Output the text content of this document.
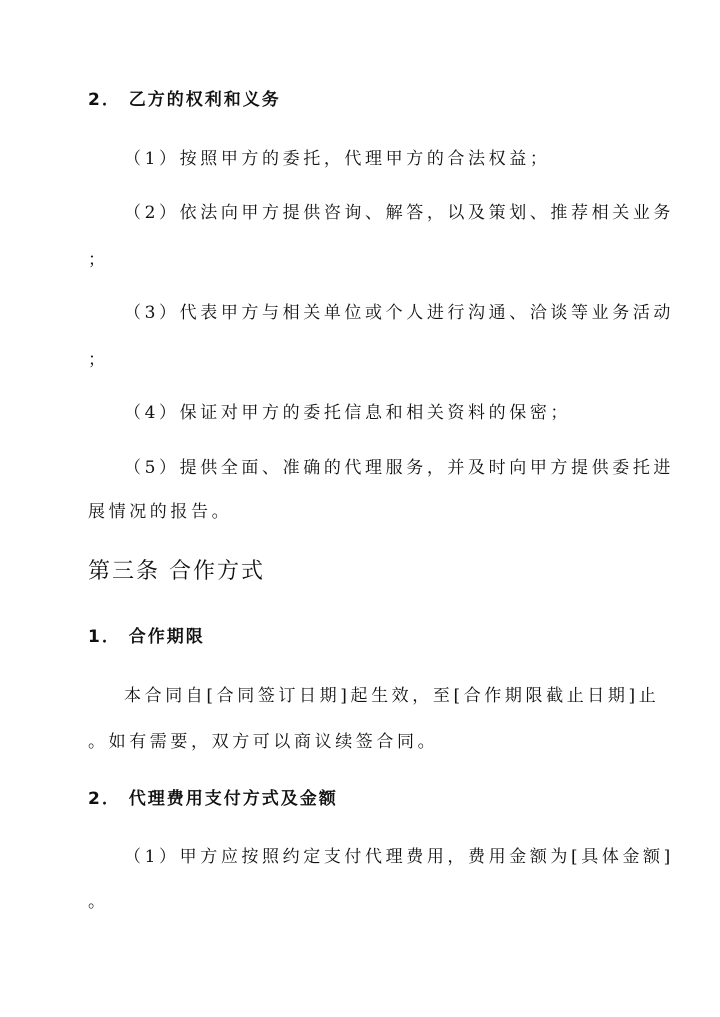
2． 乙方的权利和义务
（1）按照甲方的委托，代理甲方的合法权益；
（2）依法向甲方提供咨询、解答，以及策划、推荐相关业务
；
（3）代表甲方与相关单位或个人进行沟通、洽谈等业务活动
；
（4）保证对甲方的委托信息和相关资料的保密；
（5）提供全面、准确的代理服务，并及时向甲方提供委托进
展情况的报告。
第三条 合作方式
1． 合作期限
本合同自[合同签订日期]起生效，至[合作期限截止日期]止
。如有需要，双方可以商议续签合同。
2． 代理费用支付方式及金额
（1）甲方应按照约定支付代理费用，费用金额为[具体金额]
。
